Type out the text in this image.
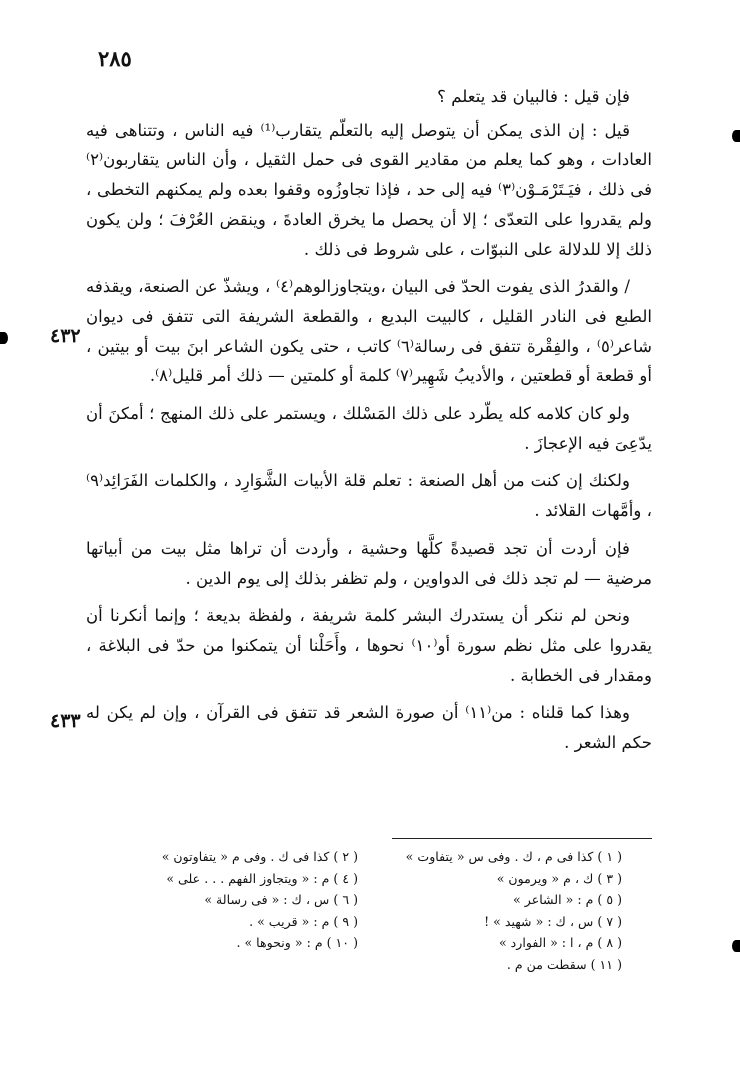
٢٨٥
٤٣٢
٤٣٣

فإن قيل : فالبيان قد يتعلم ؟

قيل : إن الذى يمكن أن يتوصل إليه بالتعلّم يتقارب⁽¹⁾ فيه الناس ، وتتناهى فيه العادات ، وهو كما يعلم من مقادير القوى فى حمل الثقيل ، وأن الناس يتقاربون⁽٢⁾ فى ذلك ، فيَـتَرْمَـوْن⁽٣⁾ فيه إلى حد ، فإذا تجاوزُوه وقفوا بعده ولم يمكنهم التخطى ، ولم يقدروا على التعدّى ؛ إلا أن يحصل ما يخرق العادةَ ، وينقض العُرْفَ ؛ ولن يكون ذلك إلا للدلالة على النبوّات ، على شروط فى ذلك .

/ والقدرُ الذى يفوت الحدّ فى البيان ،ويتجاوزالوهم⁽٤⁾ ، ويشذّ عن الصنعة، ويقذفه الطبع فى النادر القليل ، كالبيت البديع ، والقطعة الشريفة التى تتفق فى ديوان شاعر⁽٥⁾ ، والفِقْرة تتفق فى رسالة⁽٦⁾ كاتب ، حتى يكون الشاعر ابنَ بيت أو بيتين ، أو قطعة أو قطعتين ، والأديبُ شَهِير⁽٧⁾ كلمة أو كلمتين — ذلك أمر قليل⁽٨⁾.

ولو كان كلامه كله يطّرد على ذلك المَسْلك ، ويستمر على ذلك المنهج ؛ أمكنَ أن يدّعِىَ فيه الإعجازَ .

ولكنك إن كنت من أهل الصنعة : تعلم قلة الأبيات الشَّوَارِد ، والكلمات الفَرَائِد⁽٩⁾ ، وأمَّهات القلائد .

فإن أردت أن تجد قصيدةً كلَّها وحشية ، وأردت أن تراها مثل بيت من أبياتها مرضية — لم تجد ذلك فى الدواوين ، ولم تظفر بذلك إلى يوم الدين .

ونحن لم ننكر أن يستدرك البشر كلمة شريفة ، ولفظة بديعة ؛ وإنما أنكرنا أن يقدروا على مثل نظم سورة أو⁽١٠⁾ نحوها ، وأَحَلْنا أن يتمكنوا من حدّ فى البلاغة ، ومقدار فى الخطابة .

وهذا كما قلناه : من⁽١١⁾ أن صورة الشعر قد تتفق فى القرآن ، وإن لم يكن له حكم الشعر .

( ١ ) كذا فى م ، ك . وفى س « يتفاوت »
( ٣ ) ك ، م « ويرمون »
( ٥ ) م : « الشاعر »
( ٧ ) س ، ك : « شهيد » !
( ٨ ) م ، ا : « الفوارد »
( ١١ ) سقطت من م .
( ٢ ) كذا فى ك . وفى م « يتفاوتون »
( ٤ ) م : « ويتجاوز الفهم . . . على »
( ٦ ) س ، ك : « فى رسالة »
( ٩ ) م : « قريب » .
( ١٠ ) م : « ونحوها » .
